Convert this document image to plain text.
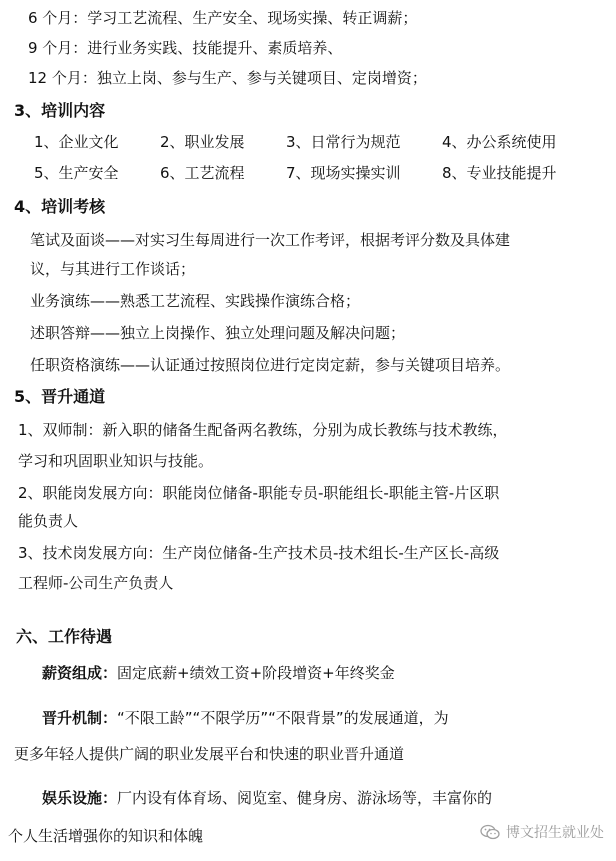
6 个月：学习工艺流程、生产安全、现场实操、转正调薪；
9 个月：进行业务实践、技能提升、素质培养、
12 个月：独立上岗、参与生产、参与关键项目、定岗增资；
3、培训内容
1、企业文化	2、职业发展	3、日常行为规范	4、办公系统使用
5、生产安全	6、工艺流程	7、现场实操实训	8、专业技能提升
4、培训考核
笔试及面谈——对实习生每周进行一次工作考评，根据考评分数及具体建
议，与其进行工作谈话；
业务演练——熟悉工艺流程、实践操作演练合格；
述职答辩——独立上岗操作、独立处理问题及解决问题；
任职资格演练——认证通过按照岗位进行定岗定薪，参与关键项目培养。
5、晋升通道
1、双师制：新入职的储备生配备两名教练，分别为成长教练与技术教练，
学习和巩固职业知识与技能。
2、职能岗发展方向：职能岗位储备-职能专员-职能组长-职能主管-片区职
能负责人
3、技术岗发展方向：生产岗位储备-生产技术员-技术组长-生产区长-高级
工程师-公司生产负责人
六、工作待遇
薪资组成：固定底薪+绩效工资+阶段增资+年终奖金
晋升机制：“不限工龄”“不限学历”“不限背景”的发展通道，为
更多年轻人提供广阔的职业发展平台和快速的职业晋升通道
娱乐设施：厂内设有体育场、阅览室、健身房、游泳场等，丰富你的
个人生活增强你的知识和体魄	博文招生就业处
